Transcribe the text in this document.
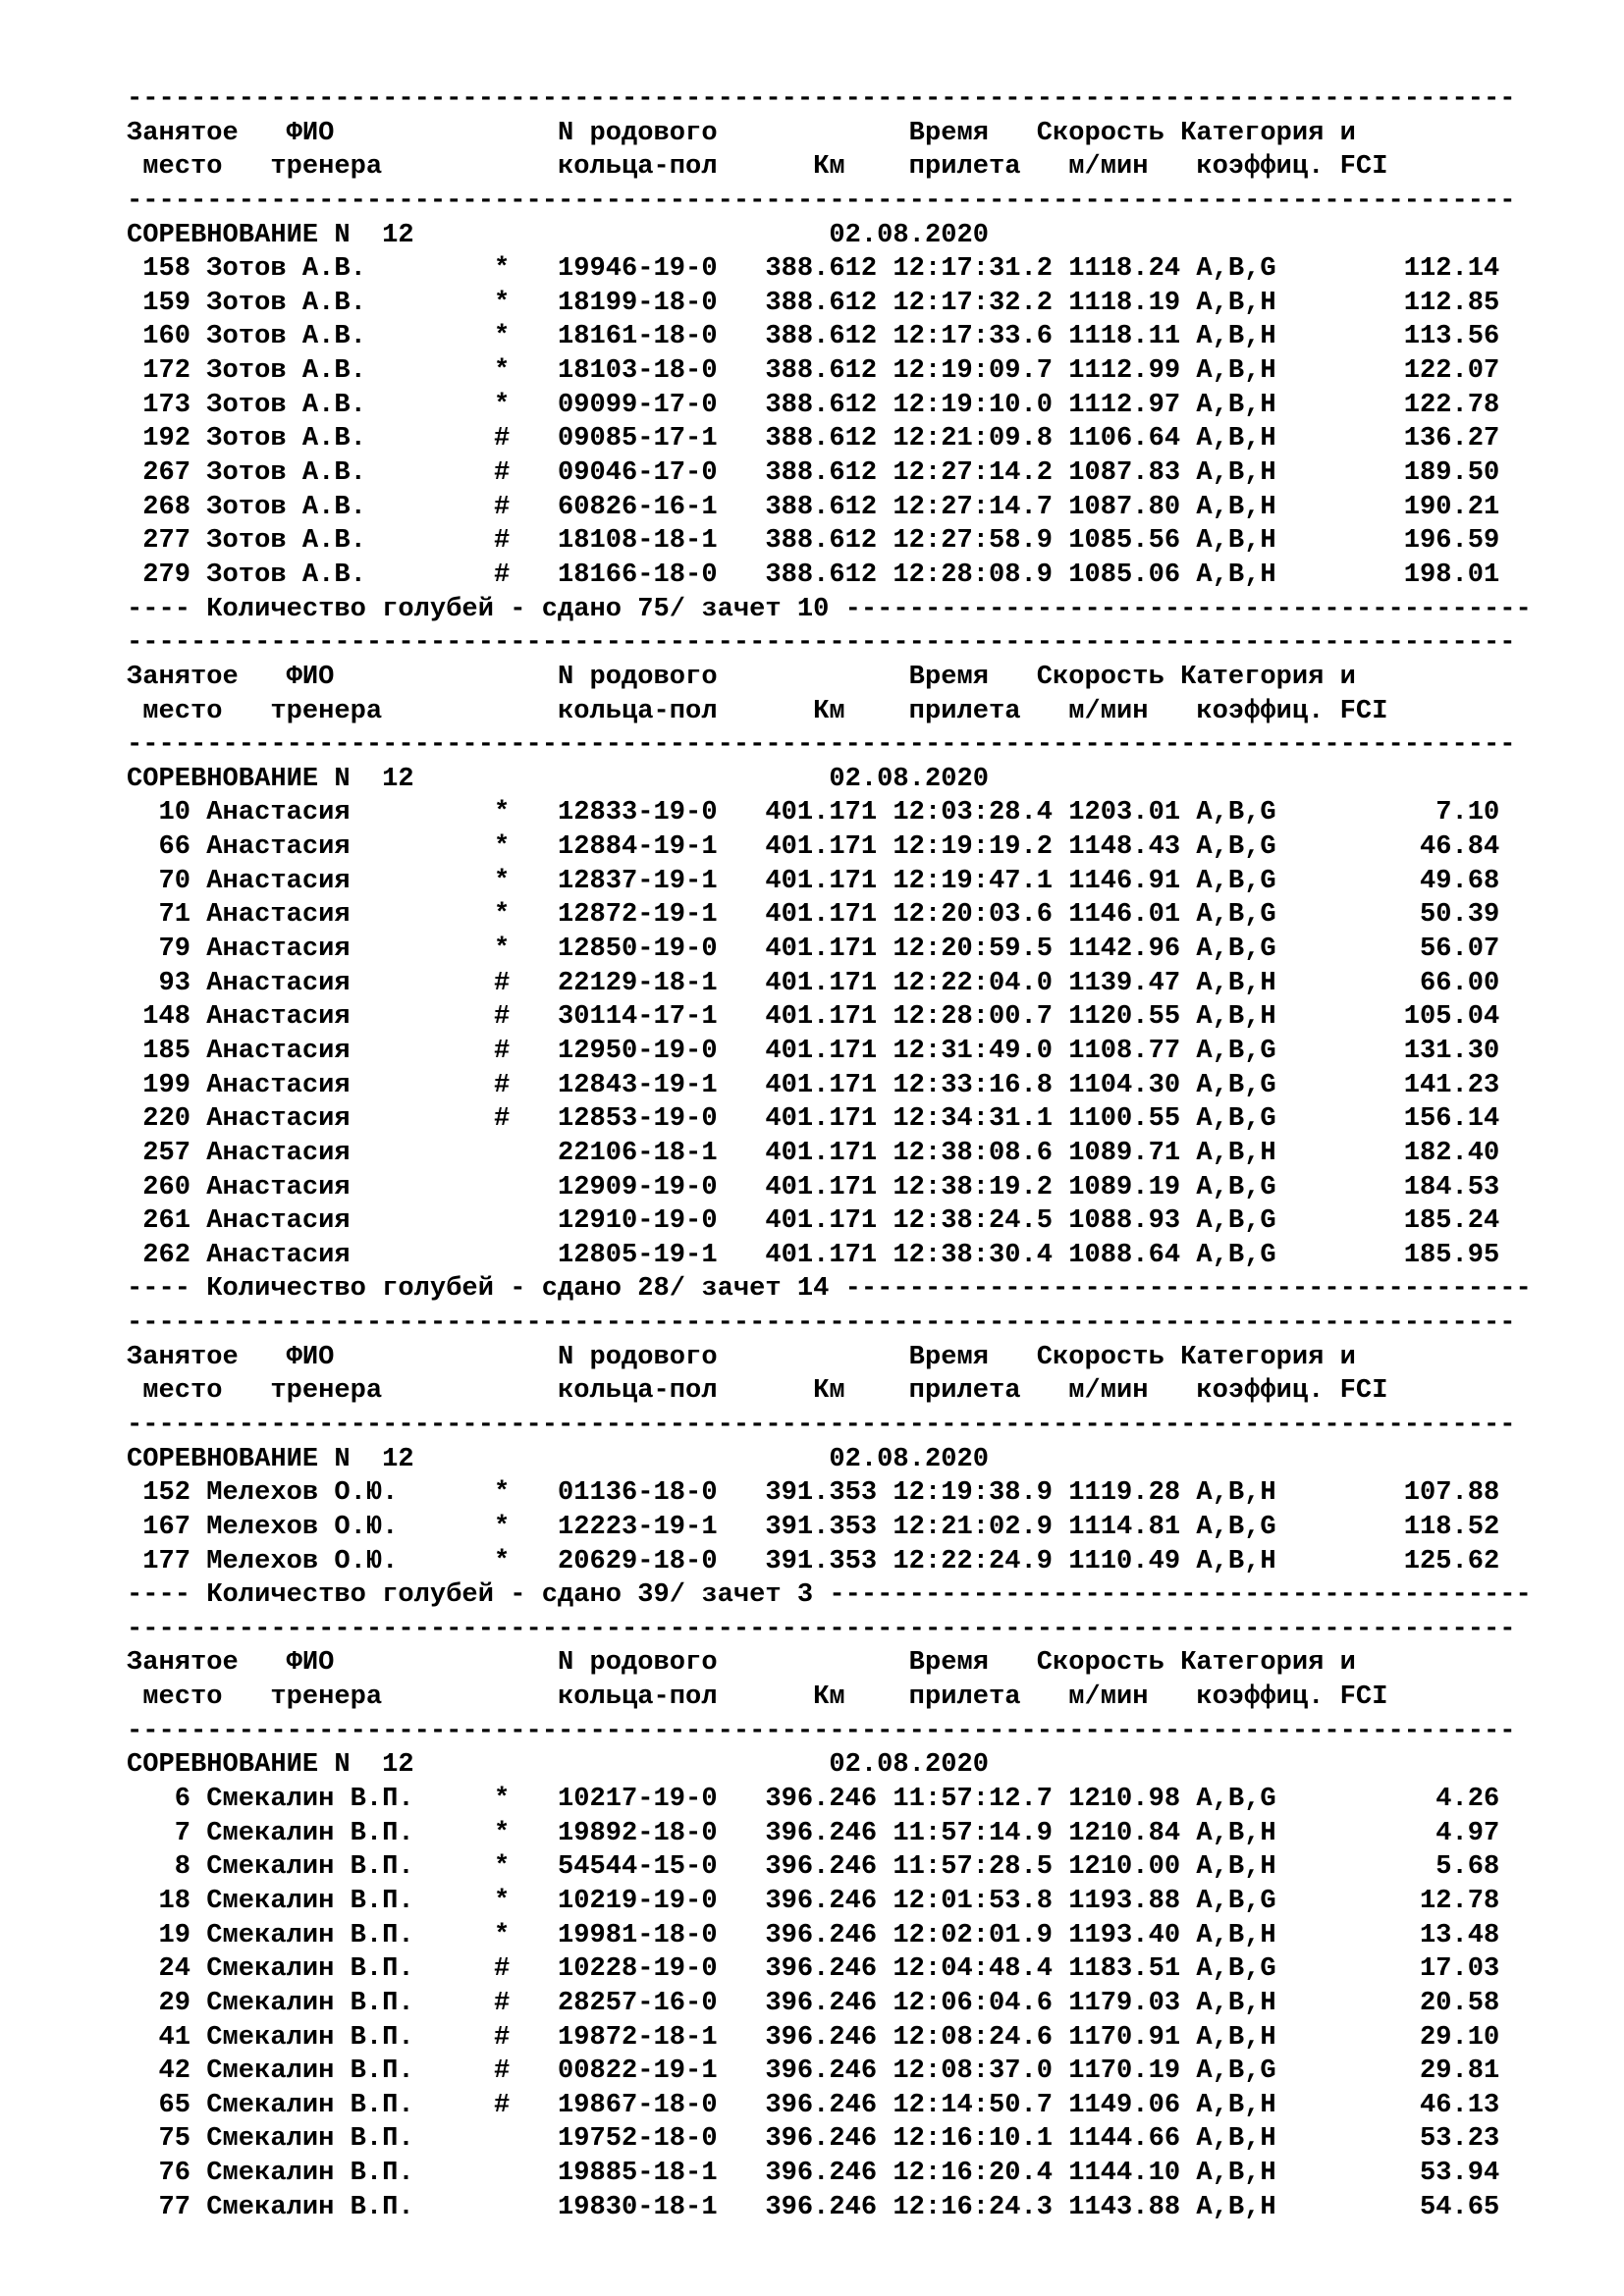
---------------------------------------------------------------------------------------
Занятое   ФИО              N родового            Время   Скорость Категория и
место   тренера           кольца-пол      Км    прилета   м/мин   коэффиц. FCI
---------------------------------------------------------------------------------------
СОРЕВНОВАНИЕ N  12                          02.08.2020
158 Зотов А.В.        *   19946-19-0   388.612 12:17:31.2 1118.24 A,B,G        112.14
159 Зотов А.В.        *   18199-18-0   388.612 12:17:32.2 1118.19 A,B,H        112.85
160 Зотов А.В.        *   18161-18-0   388.612 12:17:33.6 1118.11 A,B,H        113.56
172 Зотов А.В.        *   18103-18-0   388.612 12:19:09.7 1112.99 A,B,H        122.07
173 Зотов А.В.        *   09099-17-0   388.612 12:19:10.0 1112.97 A,B,H        122.78
192 Зотов А.В.        #   09085-17-1   388.612 12:21:09.8 1106.64 A,B,H        136.27
267 Зотов А.В.        #   09046-17-0   388.612 12:27:14.2 1087.83 A,B,H        189.50
268 Зотов А.В.        #   60826-16-1   388.612 12:27:14.7 1087.80 A,B,H        190.21
277 Зотов А.В.        #   18108-18-1   388.612 12:27:58.9 1085.56 A,B,H        196.59
279 Зотов А.В.        #   18166-18-0   388.612 12:28:08.9 1085.06 A,B,H        198.01
---- Количество голубей - сдано 75/ зачет 10 -------------------------------------------
---------------------------------------------------------------------------------------
Занятое   ФИО              N родового            Время   Скорость Категория и
место   тренера           кольца-пол      Км    прилета   м/мин   коэффиц. FCI
---------------------------------------------------------------------------------------
СОРЕВНОВАНИЕ N  12                          02.08.2020
10 Анастасия         *   12833-19-0   401.171 12:03:28.4 1203.01 A,B,G          7.10
66 Анастасия         *   12884-19-1   401.171 12:19:19.2 1148.43 A,B,G         46.84
70 Анастасия         *   12837-19-1   401.171 12:19:47.1 1146.91 A,B,G         49.68
71 Анастасия         *   12872-19-1   401.171 12:20:03.6 1146.01 A,B,G         50.39
79 Анастасия         *   12850-19-0   401.171 12:20:59.5 1142.96 A,B,G         56.07
93 Анастасия         #   22129-18-1   401.171 12:22:04.0 1139.47 A,B,H         66.00
148 Анастасия         #   30114-17-1   401.171 12:28:00.7 1120.55 A,B,H        105.04
185 Анастасия         #   12950-19-0   401.171 12:31:49.0 1108.77 A,B,G        131.30
199 Анастасия         #   12843-19-1   401.171 12:33:16.8 1104.30 A,B,G        141.23
220 Анастасия         #   12853-19-0   401.171 12:34:31.1 1100.55 A,B,G        156.14
257 Анастасия             22106-18-1   401.171 12:38:08.6 1089.71 A,B,H        182.40
260 Анастасия             12909-19-0   401.171 12:38:19.2 1089.19 A,B,G        184.53
261 Анастасия             12910-19-0   401.171 12:38:24.5 1088.93 A,B,G        185.24
262 Анастасия             12805-19-1   401.171 12:38:30.4 1088.64 A,B,G        185.95
---- Количество голубей - сдано 28/ зачет 14 -------------------------------------------
---------------------------------------------------------------------------------------
Занятое   ФИО              N родового            Время   Скорость Категория и
место   тренера           кольца-пол      Км    прилета   м/мин   коэффиц. FCI
---------------------------------------------------------------------------------------
СОРЕВНОВАНИЕ N  12                          02.08.2020
152 Мелехов О.Ю.      *   01136-18-0   391.353 12:19:38.9 1119.28 A,B,H        107.88
167 Мелехов О.Ю.      *   12223-19-1   391.353 12:21:02.9 1114.81 A,B,G        118.52
177 Мелехов О.Ю.      *   20629-18-0   391.353 12:22:24.9 1110.49 A,B,H        125.62
---- Количество голубей - сдано 39/ зачет 3 --------------------------------------------
---------------------------------------------------------------------------------------
Занятое   ФИО              N родового            Время   Скорость Категория и
место   тренера           кольца-пол      Км    прилета   м/мин   коэффиц. FCI
---------------------------------------------------------------------------------------
СОРЕВНОВАНИЕ N  12                          02.08.2020
6 Смекалин В.П.     *   10217-19-0   396.246 11:57:12.7 1210.98 A,B,G          4.26
7 Смекалин В.П.     *   19892-18-0   396.246 11:57:14.9 1210.84 A,B,H          4.97
8 Смекалин В.П.     *   54544-15-0   396.246 11:57:28.5 1210.00 A,B,H          5.68
18 Смекалин В.П.     *   10219-19-0   396.246 12:01:53.8 1193.88 A,B,G         12.78
19 Смекалин В.П.     *   19981-18-0   396.246 12:02:01.9 1193.40 A,B,H         13.48
24 Смекалин В.П.     #   10228-19-0   396.246 12:04:48.4 1183.51 A,B,G         17.03
29 Смекалин В.П.     #   28257-16-0   396.246 12:06:04.6 1179.03 A,B,H         20.58
41 Смекалин В.П.     #   19872-18-1   396.246 12:08:24.6 1170.91 A,B,H         29.10
42 Смекалин В.П.     #   00822-19-1   396.246 12:08:37.0 1170.19 A,B,G         29.81
65 Смекалин В.П.     #   19867-18-0   396.246 12:14:50.7 1149.06 A,B,H         46.13
75 Смекалин В.П.         19752-18-0   396.246 12:16:10.1 1144.66 A,B,H         53.23
76 Смекалин В.П.         19885-18-1   396.246 12:16:20.4 1144.10 A,B,H         53.94
77 Смекалин В.П.         19830-18-1   396.246 12:16:24.3 1143.88 A,B,H         54.65
